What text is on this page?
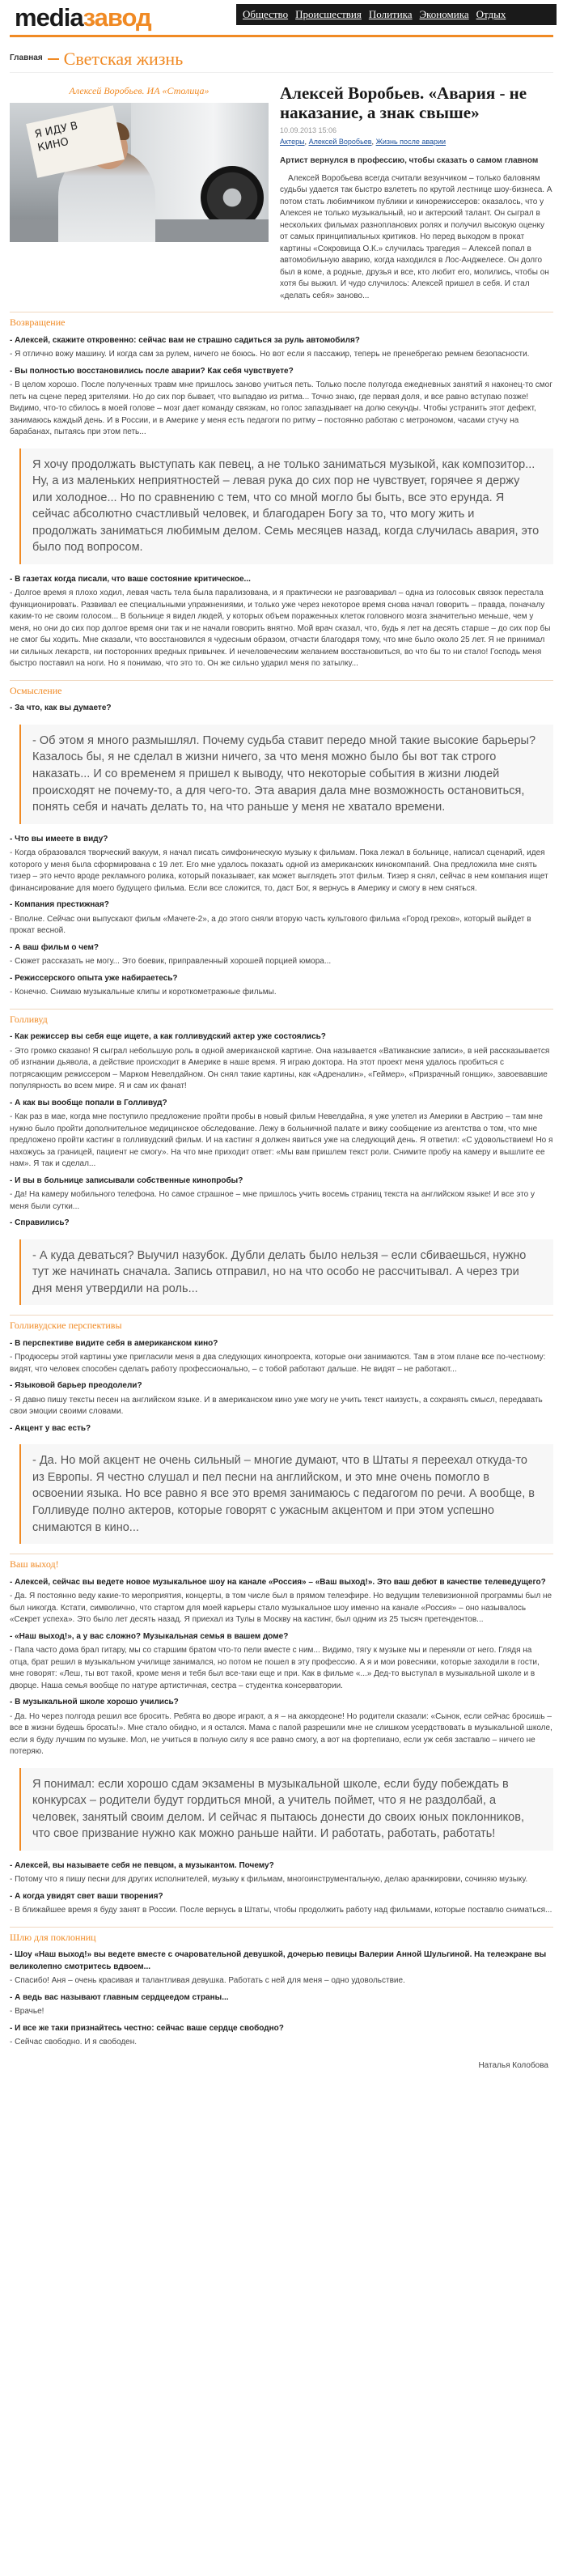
mediaзавод	Общество Происшествия Политика Экономика Отдых
Главная Светская жизнь
Алексей Воробьев. ИА «Столица»
Я ИДУ В КИНО
Алексей Воробьев. «Авария - не наказание, а знак свыше»
10.09.2013 15:06
Актеры, Алексей Воробьев, Жизнь после аварии

Артист вернулся в профессию, чтобы сказать о самом главном

Алексей Воробьева всегда считали везунчиком – только баловням судьбы удается так быстро взлететь по крутой лестнице шоу-бизнеса. А потом стать любимчиком публики и кинорежиссеров: оказалось, что у Алексея не только музыкальный, но и актерский талант. Он сыграл в нескольких фильмах разнопланових ролях и получил высокую оценку от самых принципиальных критиков. Но перед выходом в прокат картины «Сокровища О.К.» случилась трагедия – Алексей попал в автомобильную аварию, когда находился в Лос-Анджелесе. Он долго был в коме, а родные, друзья и все, кто любит его, молились, чтобы он хотя бы выжил. И чудо случилось: Алексей пришел в себя. И стал «делать себя» заново...

Возвращение

- Алексей, скажите откровенно: сейчас вам не страшно садиться за руль автомобиля?

- Я отлично вожу машину. И когда сам за рулем, ничего не боюсь. Но вот если я пассажир, теперь не пренебрегаю ремнем безопасности.

- Вы полностью восстановились после аварии? Как себя чувствуете?

- В целом хорошо. После полученных травм мне пришлось заново учиться петь. Только после полугода ежедневных занятий я наконец-то смог петь на сцене перед зрителями. Но до сих пор бывает, что выпадаю из ритма... Точно знаю, где первая доля, и все равно вступаю позже! Видимо, что-то сбилось в моей голове – мозг дает команду связкам, но голос запаздывает на долю секунды. Чтобы устранить этот дефект, занимаюсь каждый день. И в России, и в Америке у меня есть педагоги по ритму – постоянно работаю с метрономом, часами стучу на барабанах, пытаясь при этом петь...

Я хочу продолжать выступать как певец, а не только заниматься музыкой, как композитор... Ну, а из маленьких неприятностей – левая рука до сих пор не чувствует, горячее я держу или холодное... Но по сравнению с тем, что со мной могло бы быть, все это ерунда. Я сейчас абсолютно счастливый человек, и благодарен Богу за то, что могу жить и продолжать заниматься любимым делом. Семь месяцев назад, когда случилась авария, это было под вопросом.

- В газетах когда писали, что ваше состояние критическое...

- Долгое время я плохо ходил, левая часть тела была парализована, и я практически не разговаривал – одна из голосовых связок перестала функционировать. Развивал ее специальными упражнениями, и только уже через некоторое время снова начал говорить – правда, поначалу каким-то не своим голосом... В больнице я видел людей, у которых объем пораженных клеток головного мозга значительно меньше, чем у меня, но они до сих пор долгое время они так и не начали говорить внятно. Мой врач сказал, что, будь я лет на десять старше – до сих пор бы не смог бы ходить. Мне сказали, что восстановился я чудесным образом, отчасти благодаря тому, что мне было около 25 лет. Я не принимал ни сильных лекарств, ни посторонних вредных привычек. И нечеловеческим желанием восстановиться, во что бы то ни стало! Господь меня быстро поставил на ноги. Но я понимаю, что это то. Он же сильно ударил меня по затылку...

Осмысление

- За что, как вы думаете?

- Об этом я много размышлял. Почему судьба ставит передо мной такие высокие барьеры? Казалось бы, я не сделал в жизни ничего, за что меня можно было бы вот так строго наказать... И со временем я пришел к выводу, что некоторые события в жизни людей происходят не почему-то, а для чего-то. Эта авария дала мне возможность остановиться, понять себя и начать делать то, на что раньше у меня не хватало времени.

- Что вы имеете в виду?

- Когда образовался творческий вакуум, я начал писать симфоническую музыку к фильмам. Пока лежал в больнице, написал сценарий, идея которого у меня была сформирована с 19 лет. Его мне удалось показать одной из американских кинокомпаний. Она предложила мне снять тизер – это нечто вроде рекламного ролика, который показывает, как может выглядеть этот фильм. Тизер я снял, сейчас в нем компания ищет финансирование для моего будущего фильма. Если все сложится, то, даст Бог, я вернусь в Америку и смогу в нем сняться.

- Компания престижная?

- Вполне. Сейчас они выпускают фильм «Мачете-2», а до этого сняли вторую часть культового фильма «Город грехов», который выйдет в прокат весной.

- А ваш фильм о чем?

- Сюжет рассказать не могу... Это боевик, приправленный хорошей порцией юмора...

- Режиссерского опыта уже набираетесь?

- Конечно. Снимаю музыкальные клипы и короткометражные фильмы.

Голливуд

- Как режиссер вы себя еще ищете, а как голливудский актер уже состоялись?

- Это громко сказано! Я сыграл небольшую роль в одной американской картине. Она называется «Ватиканские записи», в ней рассказывается об изгнании дьявола, а действие происходит в Америке в наше время. Я играю доктора. На этот проект меня удалось пробиться с потрясающим режиссером – Марком Невелдайном. Он снял такие картины, как «Адреналин», «Геймер», «Призрачный гонщик», завоевавшие популярность во всем мире. Я и сам их фанат!

- А как вы вообще попали в Голливуд?

- Как раз в мае, когда мне поступило предложение пройти пробы в новый фильм Невелдайна, я уже улетел из Америки в Австрию – там мне нужно было пройти дополнительное медицинское обследование. Лежу в больничной палате и вижу сообщение из агентства о том, что мне предложено пройти кастинг в голливудский фильм. И на кастинг я должен явиться уже на следующий день. Я ответил: «С удовольствием! Но я нахожусь за границей, пациент не смогу». На что мне приходит ответ: «Мы вам пришлем текст роли. Снимите пробу на камеру и вышлите ее нам». Я так и сделал...

- И вы в больнице записывали собственные кинопробы?

- Да! На камеру мобильного телефона. Но самое страшное – мне пришлось учить восемь страниц текста на английском языке! И все это у меня были сутки...

- Справились?

- А куда деваться? Выучил назубок. Дубли делать было нельзя – если сбиваешься, нужно тут же начинать сначала. Запись отправил, но на что особо не рассчитывал. А через три дня меня утвердили на роль...
Голливудские перспективы

- В перспективе видите себя в американском кино?

- Продюсеры этой картины уже пригласили меня в два следующих кинопроекта, которые они занимаются. Там в этом плане все по-честному: видят, что человек способен сделать работу профессионально, – с тобой работают дальше. Не видят – не работают...

- Языковой барьер преодолели?

- Я давно пишу тексты песен на английском языке. И в американском кино уже могу не учить текст наизусть, а сохранять смысл, передавать свои эмоции своими словами.

- Акцент у вас есть?

- Да. Но мой акцент не очень сильный – многие думают, что в Штаты я переехал откуда-то из Европы. Я честно слушал и пел песни на английском, и это мне очень помогло в освоении языка. Но все равно я все это время занимаюсь с педагогом по речи. А вообще, в Голливуде полно актеров, которые говорят с ужасным акцентом и при этом успешно снимаются в кино...
Ваш выход!

- Алексей, сейчас вы ведете новое музыкальное шоу на канале «Россия» – «Ваш выход!». Это ваш дебют в качестве телеведущего?

- Да. Я постоянно веду какие-то мероприятия, концерты, в том числе был в прямом телеэфире. Но ведущим телевизионной программы был не был никогда. Кстати, символично, что стартом для моей карьеры стало музыкальное шоу именно на канале «Россия» – оно называлось «Секрет успеха». Это было лет десять назад. Я приехал из Тулы в Москву на кастинг, был одним из 25 тысяч претендентов...

- «Наш выход!», а у вас сложно? Музыкальная семья в вашем доме?

- Папа часто дома брал гитару, мы со старшим братом что-то пели вместе с ним... Видимо, тягу к музыке мы и переняли от него. Глядя на отца, брат решил в музыкальном училище занимался, но потом не пошел в эту профессию. А я и мои ровесники, которые заходили в гости, мне говорят: «Леш, ты вот такой, кроме меня и тебя был все-таки еще и при. Как в фильме «...» Дед-то выступал в музыкальной школе и в дворце. Наша семья вообще по натуре артистичная, сестра – студентка консерватории.

- В музыкальной школе хорошо учились?

- Да. Но через полгода решил все бросить. Ребята во дворе играют, а я – на аккордеоне! Но родители сказали: «Сынок, если сейчас бросишь – все в жизни будешь бросать!». Мне стало обидно, и я остался. Мама с папой разрешили мне не слишком усердствовать в музыкальной школе, если я буду лучшим по музыке. Мол, не учиться в полную силу я все равно смогу, а вот на фортепиано, если уж себя заставлю – ничего не потеряю.

Я понимал: если хорошо сдам экзамены в музыкальной школе, если буду побеждать в конкурсах – родители будут гордиться мной, а учитель поймет, что я не раздолбай, а человек, занятый своим делом. И сейчас я пытаюсь донести до своих юных поклонников, что свое призвание нужно как можно раньше найти. И работать, работать, работать!

- Алексей, вы называете себя не певцом, а музыкантом. Почему?

- Потому что я пишу песни для других исполнителей, музыку к фильмам, многоинструментальную, делаю аранжировки, сочиняю музыку.

- А когда увидят свет ваши творения?

- В ближайшее время я буду занят в России. После вернусь в Штаты, чтобы продолжить работу над фильмами, которые поставлю сниматься...

Шлю для поклонниц

- Шоу «Наш выход!» вы ведете вместе с очаровательной девушкой, дочерью певицы Валерии Анной Шульгиной. На телеэкране вы великолепно смотритесь вдвоем...

- Спасибо! Аня – очень красивая и талантливая девушка. Работать с ней для меня – одно удовольствие.

- А ведь вас называют главным сердцеедом страны...

- Врачье!

- И все же таки признайтесь честно: сейчас ваше сердце свободно?

- Сейчас свободно. И я свободен.

Наталья Колобова
